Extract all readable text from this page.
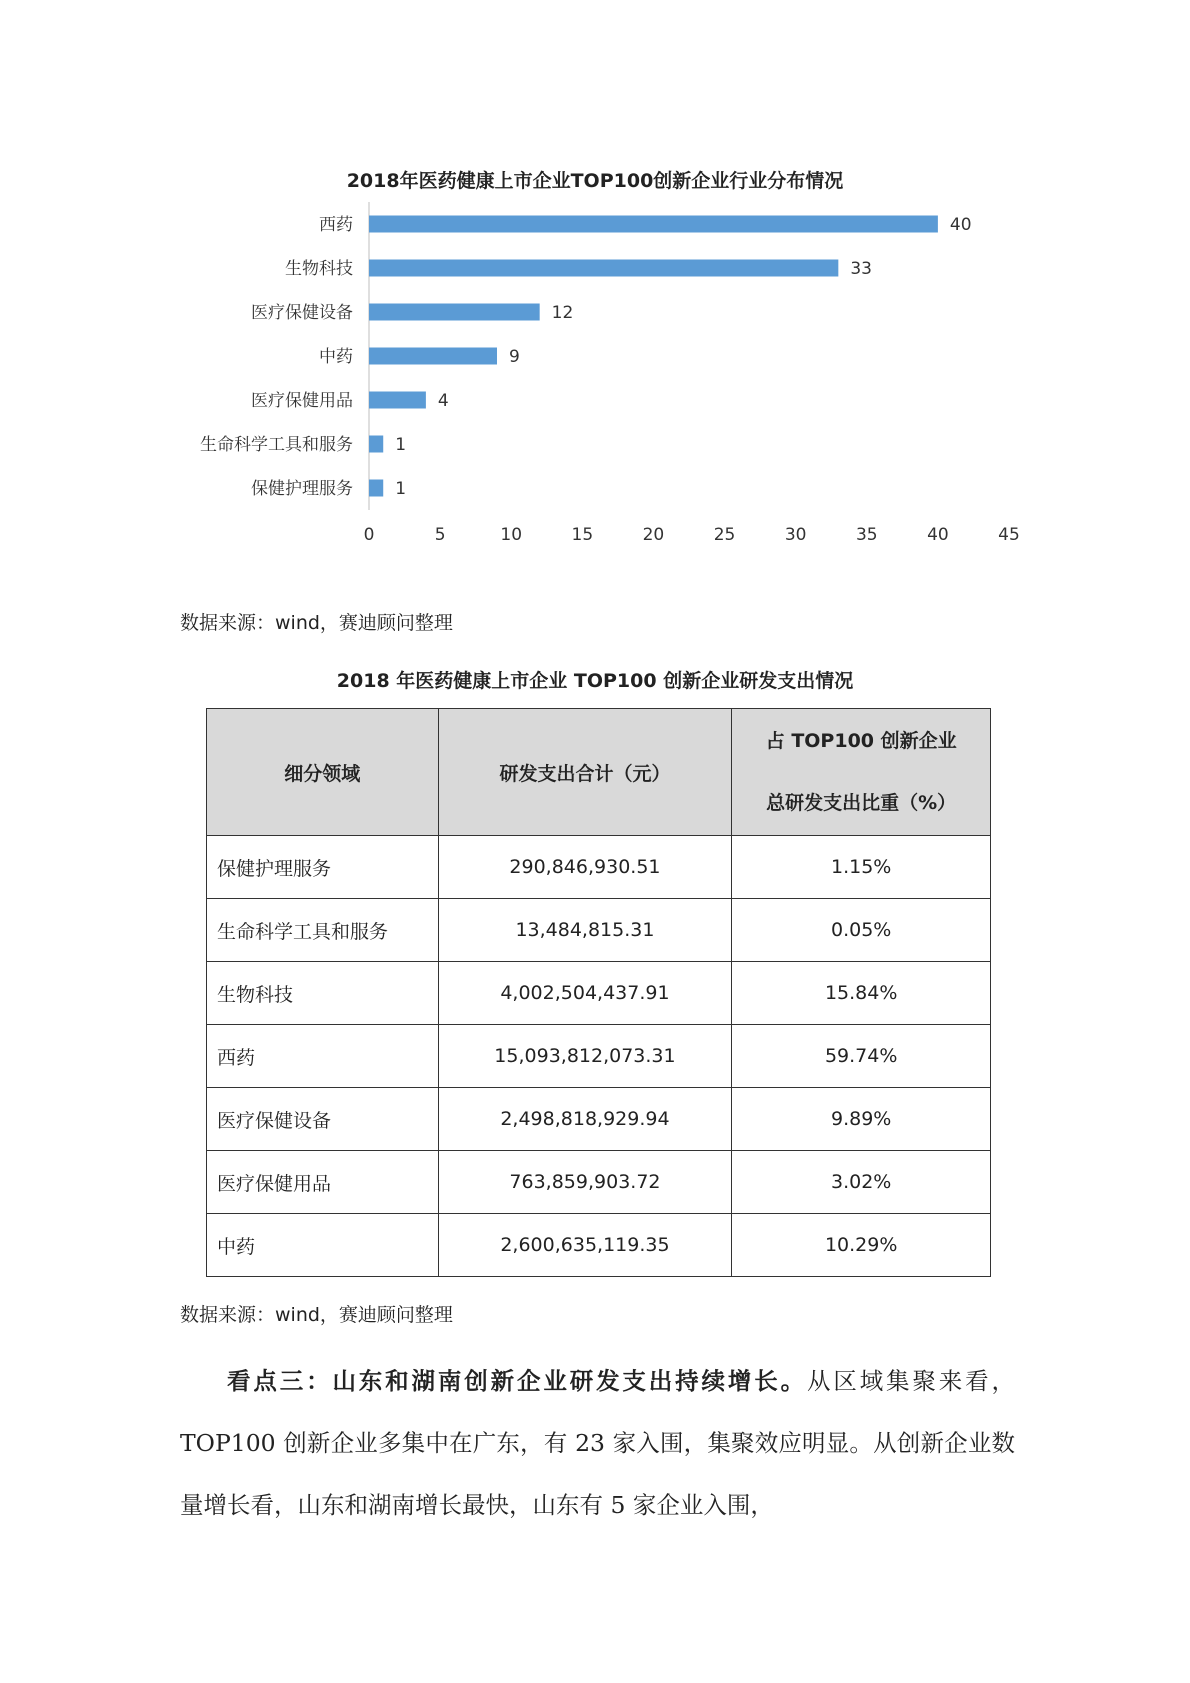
2018年医药健康上市企业TOP100创新企业行业分布情况
西药	40
生物科技	33
医疗保健设备	12
中药	9
医疗保健用品	4
生命科学工具和服务 1
保健护理服务 1
0	5	10	15	20	25	30	35	40	45
数据来源：wind，赛迪顾问整理
2018 年医药健康上市企业 TOP100 创新企业研发支出情况
细分领域	研发支出合计（元）	占 TOP100 创新企业
总研发支出比重（%）

保健护理服务	290,846,930.51	1.15%
生命科学工具和服务	13,484,815.31	0.05%
生物科技	4,002,504,437.91	15.84%
西药	15,093,812,073.31	59.74%
医疗保健设备	2,498,818,929.94	9.89%
医疗保健用品	763,859,903.72	3.02%
中药	2,600,635,119.35	10.29%
数据来源：wind，赛迪顾问整理

看点三：山东和湖南创新企业研发支出持续增长。从区域集聚来看，TOP100 创新企业多集中在广东，有 23 家入围，集聚效应明显。从创新企业数量增长看，山东和湖南增长最快，山东有 5 家企业入围，
